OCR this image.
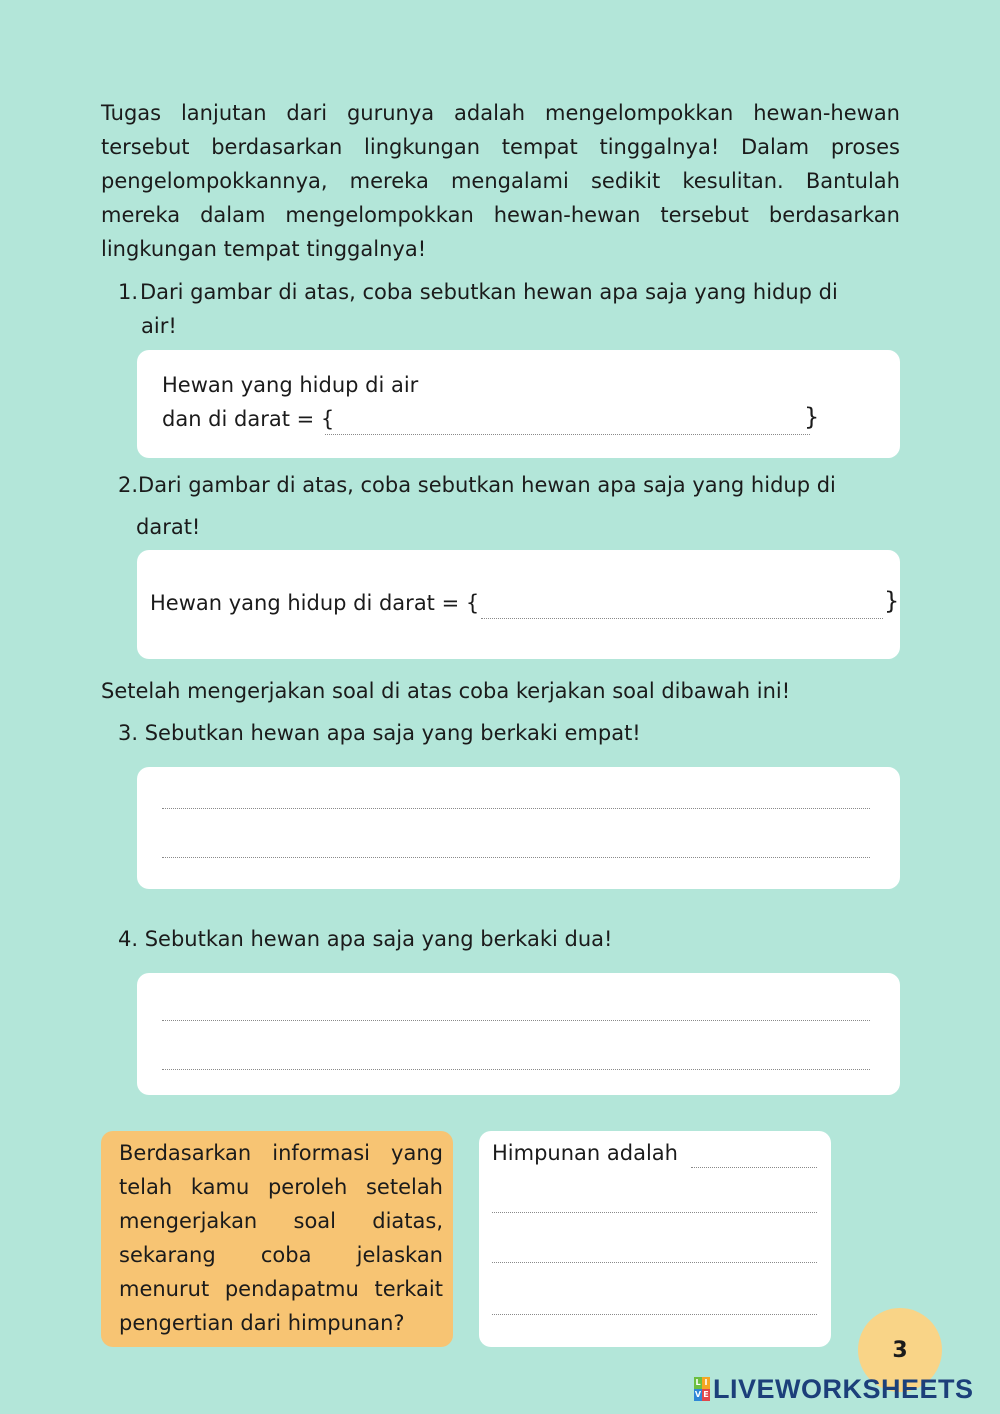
Tugas lanjutan dari gurunya adalah mengelompokkan hewan-hewan tersebut berdasarkan lingkungan tempat tinggalnya! Dalam proses pengelompokkannya, mereka mengalami sedikit kesulitan. Bantulah mereka dalam mengelompokkan hewan-hewan tersebut berdasarkan lingkungan tempat tinggalnya!

1.Dari gambar di atas, coba sebutkan hewan apa saja yang hidup di
air!
Hewan yang hidup di air
dan di darat = {	}
2.Dari gambar di atas, coba sebutkan hewan apa saja yang hidup di
darat!
Hewan yang hidup di darat = {	}
Setelah mengerjakan soal di atas coba kerjakan soal dibawah ini!
3. Sebutkan hewan apa saja yang berkaki empat!
4. Sebutkan hewan apa saja yang berkaki dua!
Berdasarkan informasi yang telah kamu peroleh setelah mengerjakan soal diatas, sekarang coba jelaskan menurut pendapatmu terkait pengertian dari himpunan?
Himpunan adalah
3
L I
V E LIVEWORKSHEETS
